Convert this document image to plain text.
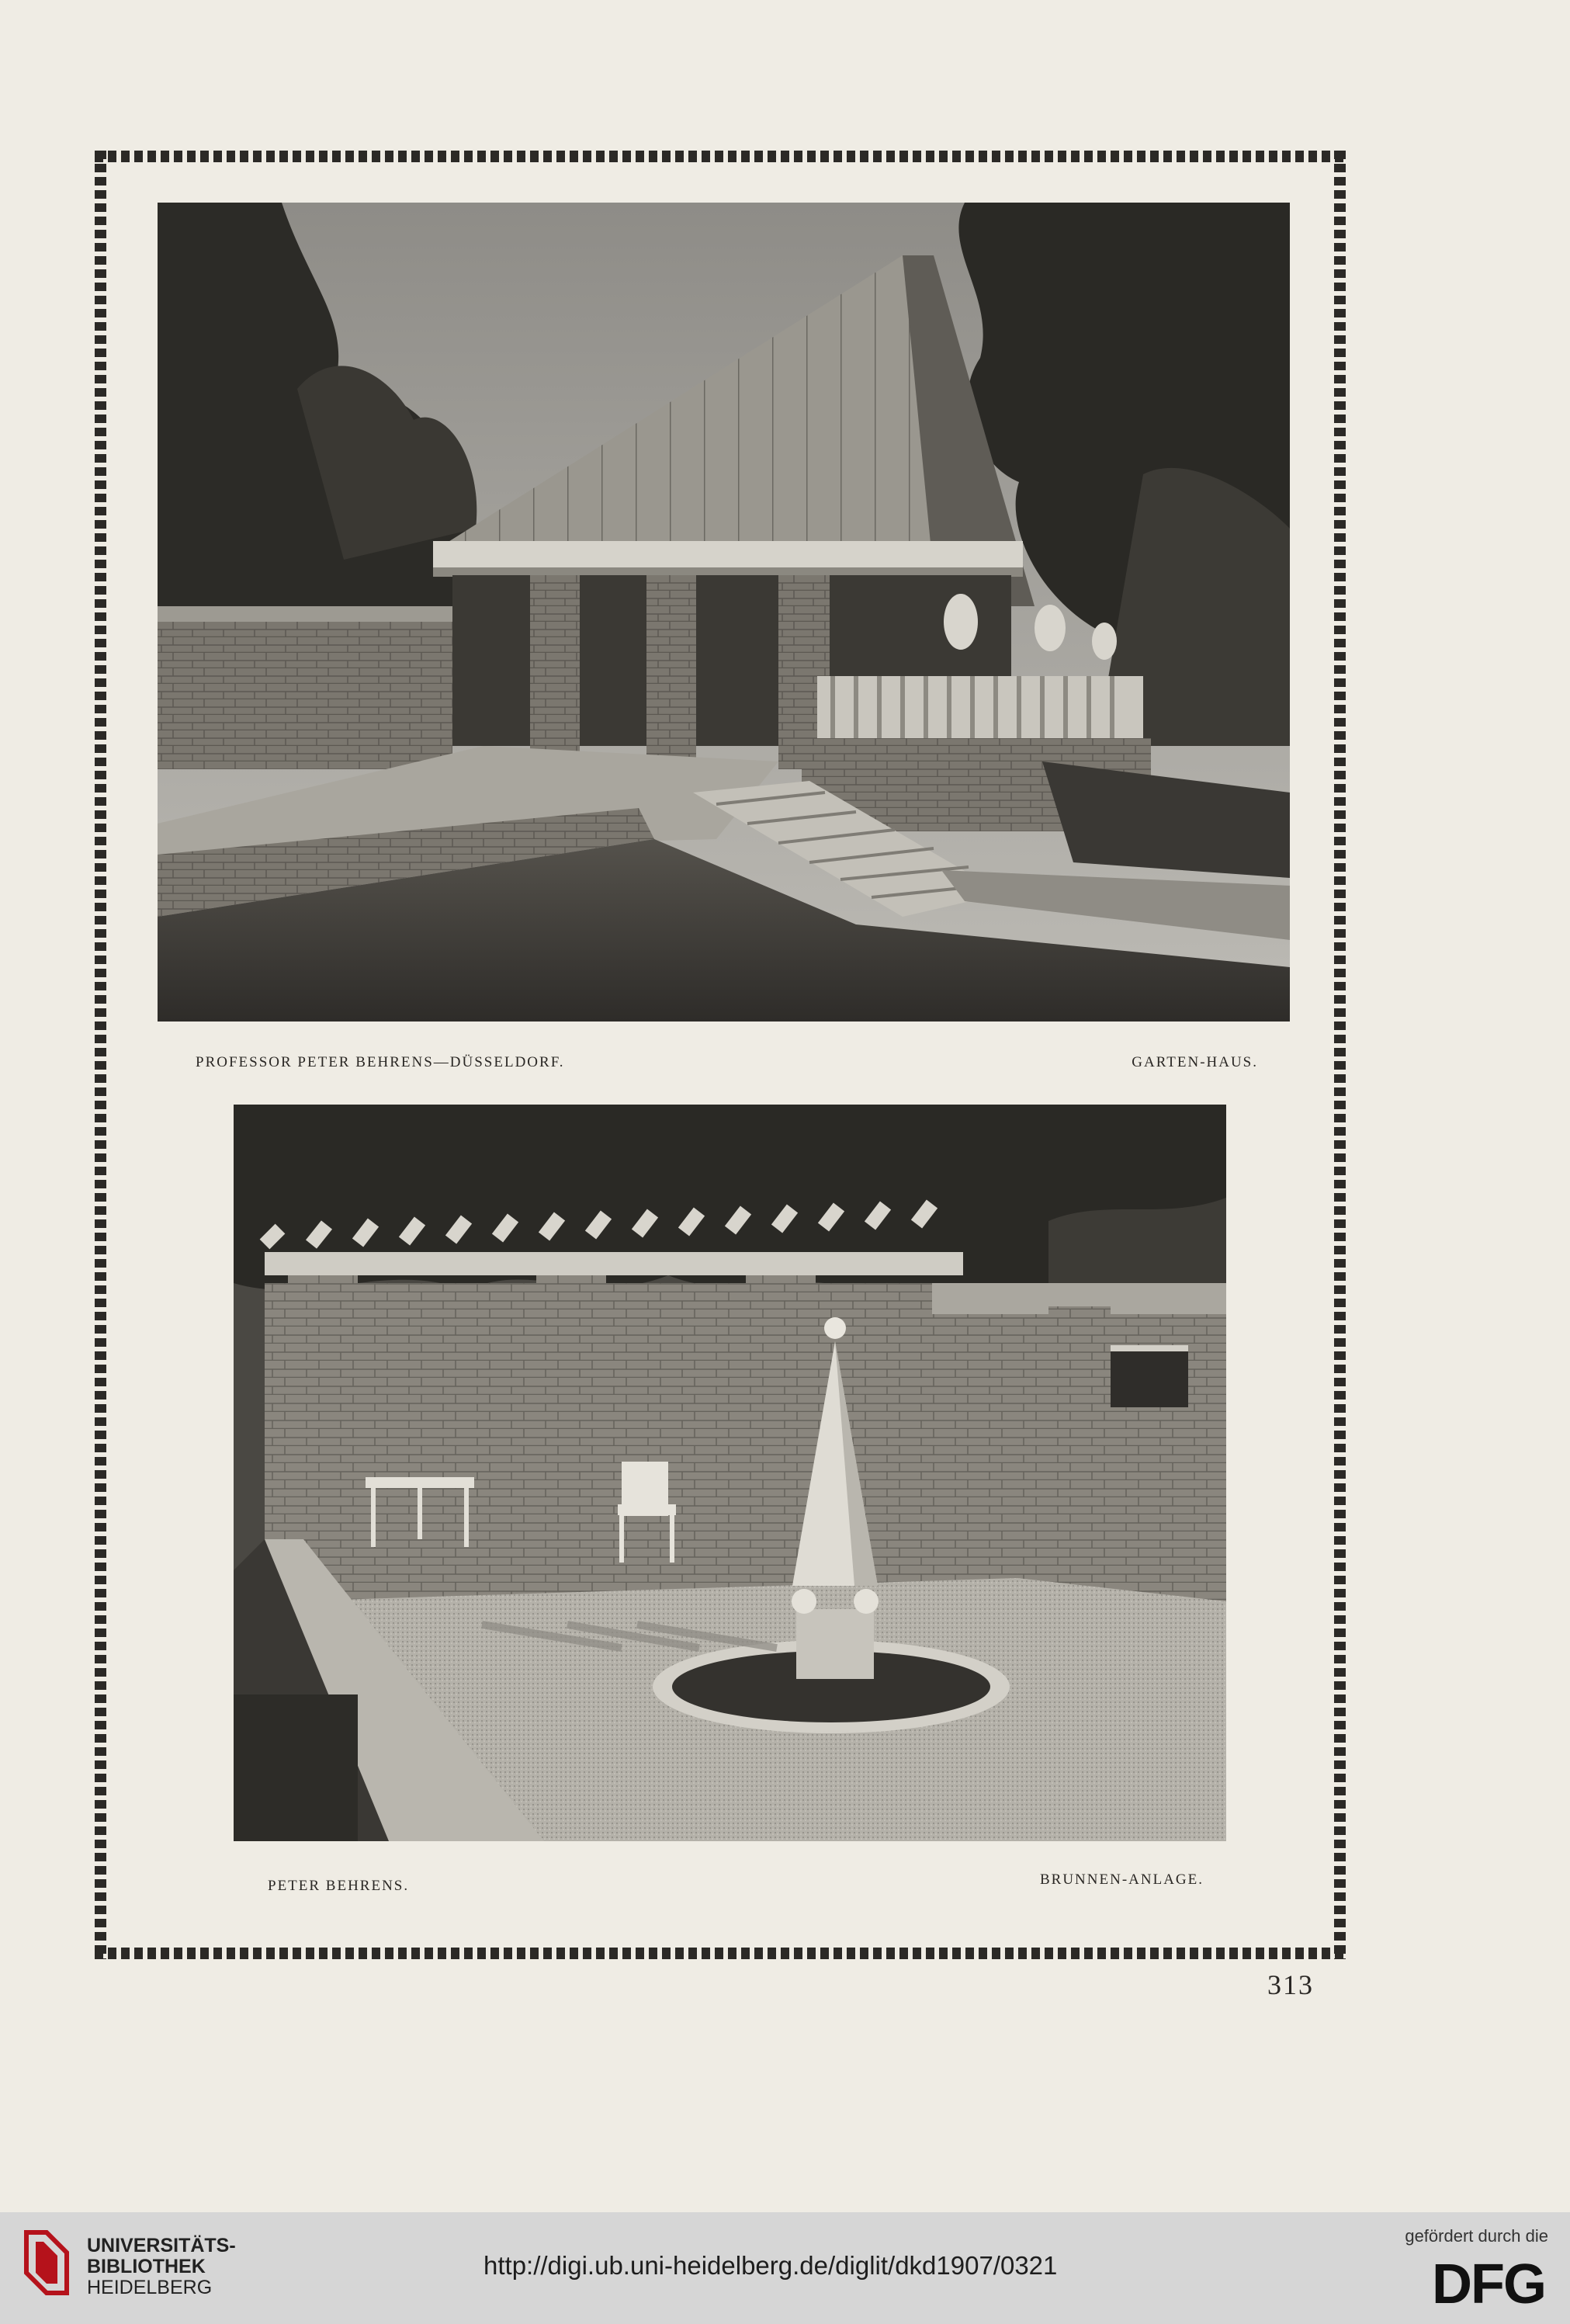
PROFESSOR PETER BEHRENS—DÜSSELDORF.	GARTEN-HAUS.
PETER BEHRENS.	BRUNNEN-ANLAGE.
313
UNIVERSITÄTS-
BIBLIOTHEK
HEIDELBERG
http://digi.ub.uni-heidelberg.de/diglit/dkd1907/0321
gefördert durch die
DFG
